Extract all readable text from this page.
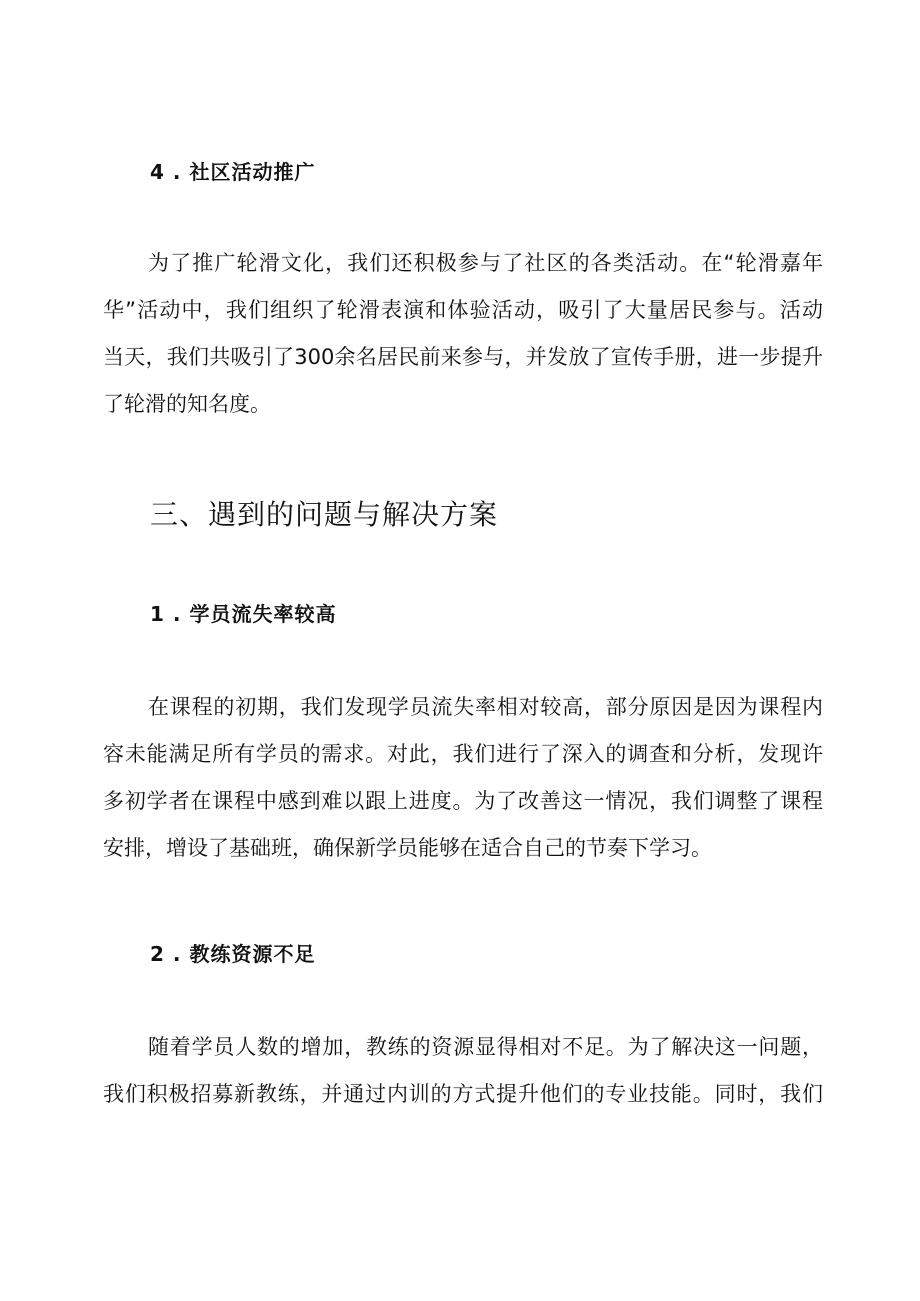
4 . 社区活动推广
为了推广轮滑文化，我们还积极参与了社区的各类活动。在“轮滑嘉年
华”活动中，我们组织了轮滑表演和体验活动，吸引了大量居民参与。活动
当天，我们共吸引了300余名居民前来参与，并发放了宣传手册，进一步提升
了轮滑的知名度。
三、遇到的问题与解决方案
1 . 学员流失率较高
在课程的初期，我们发现学员流失率相对较高，部分原因是因为课程内
容未能满足所有学员的需求。对此，我们进行了深入的调查和分析，发现许
多初学者在课程中感到难以跟上进度。为了改善这一情况，我们调整了课程
安排，增设了基础班，确保新学员能够在适合自己的节奏下学习。
2 . 教练资源不足
随着学员人数的增加，教练的资源显得相对不足。为了解决这一问题，
我们积极招募新教练，并通过内训的方式提升他们的专业技能。同时，我们
